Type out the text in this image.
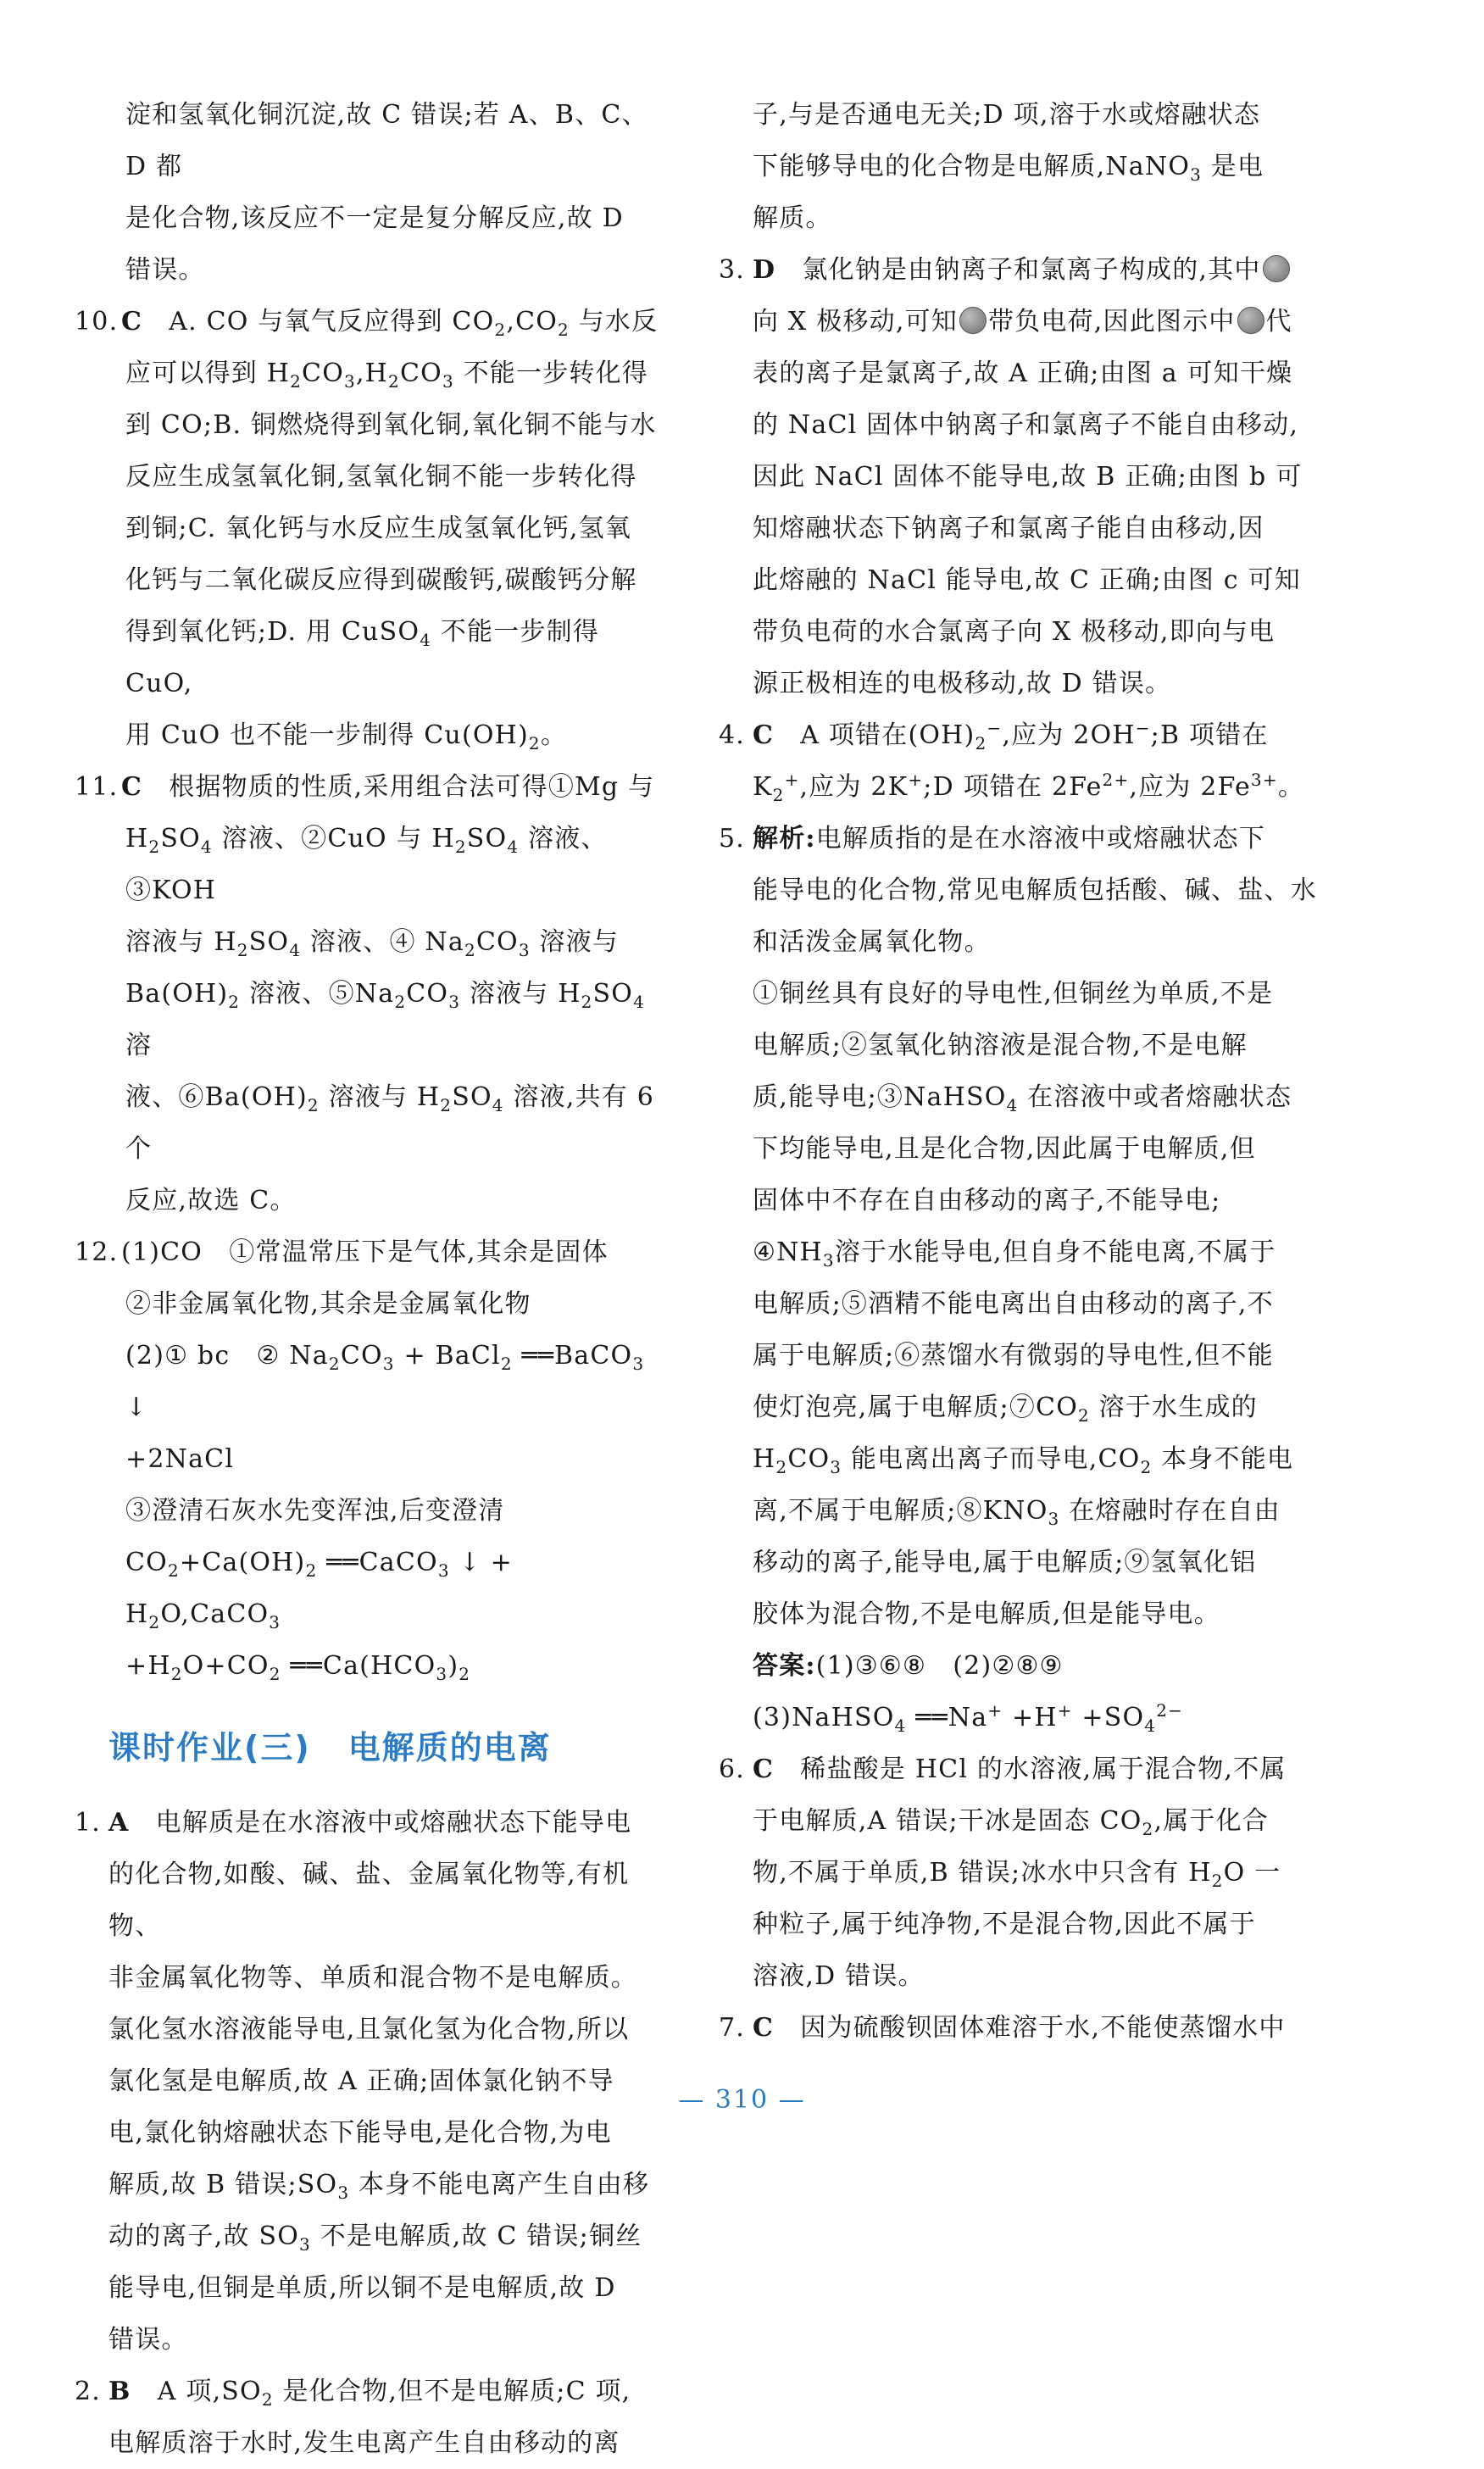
淀和氢氧化铜沉淀,故 C 错误;若 A、B、C、D 都

是化合物,该反应不一定是复分解反应,故 D

错误。

10. C　A. CO 与氧气反应得到 $CO_2,CO_2$ 与水反

应可以得到 $H_2CO_3,H_2CO_3$ 不能一步转化得

到 CO;B. 铜燃烧得到氧化铜,氧化铜不能与水

反应生成氢氧化铜,氢氧化铜不能一步转化得

到铜;C. 氧化钙与水反应生成氢氧化钙,氢氧

化钙与二氧化碳反应得到碳酸钙,碳酸钙分解

得到氧化钙;D. 用 CuSO$_4$ 不能一步制得 CuO,

用 CuO 也不能一步制得 $Cu(OH)_2$。

11. C　根据物质的性质,采用组合法可得①Mg 与

$H_2SO_4$ 溶液、②CuO 与 $H_2SO_4$ 溶液、③KOH

溶液与 $H_2SO_4$ 溶液、④ $Na_2CO_3$ 溶液与

$Ba(OH)_2$ 溶液、$⑤Na_2CO_3$ 溶液与 $H_2SO_4$ 溶

液、$⑥Ba(OH)_2$ 溶液与 $H_2SO_4$ 溶液,共有 6 个

反应,故选 C。

12. (1)CO　①常温常压下是气体,其余是固体

②非金属氧化物,其余是金属氧化物

(2)① bc　② $Na_2CO_3$ + BaCl$_2$ ══BaCO$_3$ ↓

+2NaCl

③澄清石灰水先变浑浊,后变澄清

$CO_2+Ca(OH)_2$ ══CaCO$_3$ ↓ + $H_2O,CaCO_3$

$+H_2O+CO_2$ $══Ca(HCO_3)_2$

课时作业(三) 电解质的电离

1. A　电解质是在水溶液中或熔融状态下能导电

的化合物,如酸、碱、盐、金属氧化物等,有机物、

非金属氧化物等、单质和混合物不是电解质。

氯化氢水溶液能导电,且氯化氢为化合物,所以

氯化氢是电解质,故 A 正确;固体氯化钠不导

电,氯化钠熔融状态下能导电,是化合物,为电

解质,故 B 错误$;SO_3$ 本身不能电离产生自由移

动的离子,故 $SO_3$ 不是电解质,故 C 错误;铜丝

能导电,但铜是单质,所以铜不是电解质,故 D

错误。

2. B　A 项$,SO_2$ 是化合物,但不是电解质;C 项,

电解质溶于水时,发生电离产生自由移动的离

子,与是否通电无关;D 项,溶于水或熔融状态

下能够导电的化合物是电解质,NaNO$_3$ 是电

解质。

3. D　氯化钠是由钠离子和氯离子构成的,其中

向 X 极移动,可知 带负电荷,因此图示中 代

表的离子是氯离子,故 A 正确;由图 a 可知干燥

的 NaCl 固体中钠离子和氯离子不能自由移动,

因此 NaCl 固体不能导电,故 B 正确;由图 b 可

知熔融状态下钠离子和氯离子能自由移动,因

此熔融的 NaCl 能导电,故 C 正确;由图 c 可知

带负电荷的水合氯离子向 X 极移动,即向与电

源正极相连的电极移动,故 D 错误。

4. C　A 项错在$(OH)_2^-$,应为 2OH−;B 项错在

$K_2^+$,应为 2K+;D 项错在 $2Fe^{2+}$,应为 $2Fe^{3+}$。

5. 解析:电解质指的是在水溶液中或熔融状态下

能导电的化合物,常见电解质包括酸、碱、盐、水

和活泼金属氧化物。

①铜丝具有良好的导电性,但铜丝为单质,不是

电解质;②氢氧化钠溶液是混合物,不是电解

质,能导电;③NaHSO$_4$ 在溶液中或者熔融状态

下均能导电,且是化合物,因此属于电解质,但

固体中不存在自由移动的离子,不能导电;

$④NH_3$溶于水能导电,但自身不能电离,不属于

电解质;⑤酒精不能电离出自由移动的离子,不

属于电解质;⑥蒸馏水有微弱的导电性,但不能

使灯泡亮,属于电解质$;⑦CO_2$ 溶于水生成的

$H_2CO_3$ 能电离出离子而导电$,CO_2$ 本身不能电

离,不属于电解质$;⑧KNO_3$ 在熔融时存在自由

移动的离子,能导电,属于电解质;⑨氢氧化铝

胶体为混合物,不是电解质,但是能导电。

答案:(1)③⑥⑧　(2)②⑧⑨

(3)NaHSO$_4$ ══Na+ $+H^+ +SO_4^{2-}$

6. C　稀盐酸是 HCl 的水溶液,属于混合物,不属

于电解质,A 错误;干冰是固态 $CO_2$,属于化合

物,不属于单质,B 错误;冰水中只含有 $H_2O$ 一

种粒子,属于纯净物,不是混合物,因此不属于

溶液,D 错误。

7. C　因为硫酸钡固体难溶于水,不能使蒸馏水中

— 310 —
